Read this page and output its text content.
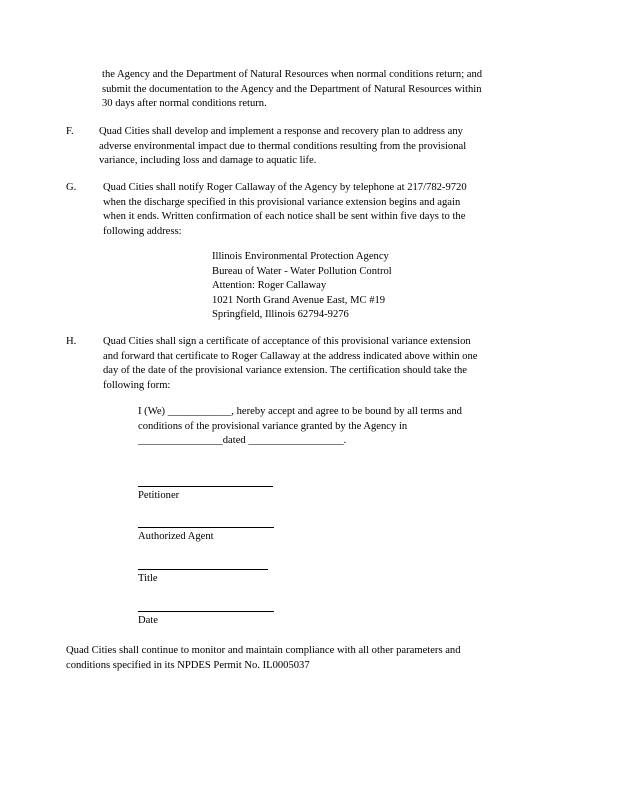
the Agency and the Department of Natural Resources when normal conditions return; and
submit the documentation to the Agency and the Department of Natural Resources within
30 days after normal conditions return.
F. Quad Cities shall develop and implement a response and recovery plan to address any
adverse environmental impact due to thermal conditions resulting from the provisional
variance, including loss and damage to aquatic life.
G.	Quad Cities shall notify Roger Callaway of the Agency by telephone at 217/782-9720
when the discharge specified in this provisional variance extension begins and again
when it ends. Written confirmation of each notice shall be sent within five days to the
following address:
Illinois Environmental Protection Agency
Bureau of Water - Water Pollution Control
Attention: Roger Callaway
1021 North Grand Avenue East, MC #19
Springfield, Illinois 62794-9276
H.	Quad Cities shall sign a certificate of acceptance of this provisional variance extension
and forward that certificate to Roger Callaway at the address indicated above within one
day of the date of the provisional variance extension. The certification should take the
following form:
I (We) ____________, hereby accept and agree to be bound by all terms and
conditions of the provisional variance granted by the Agency in
________________dated __________________.
Petitioner
Authorized Agent
Title
Date
Quad Cities shall continue to monitor and maintain compliance with all other parameters and
conditions specified in its NPDES Permit No. IL0005037
